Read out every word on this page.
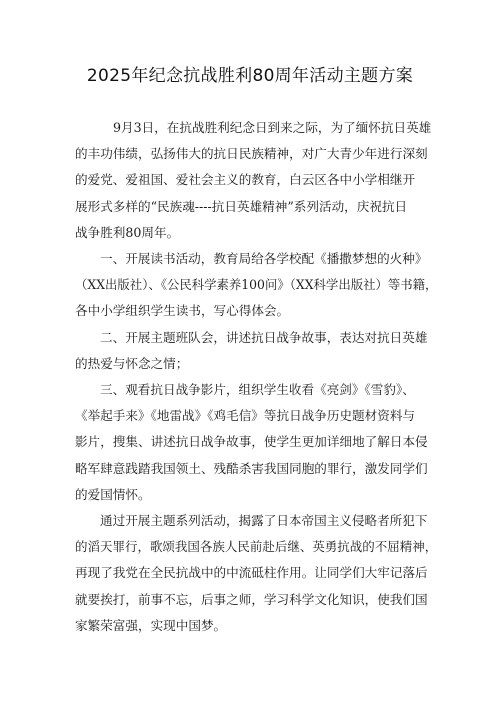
2025年纪念抗战胜利80周年活动主题方案
9月3日，在抗战胜利纪念日到来之际，为了缅怀抗日英雄
的丰功伟绩，弘扬伟大的抗日民族精神，对广大青少年进行深刻
的爱党、爱祖国、爱社会主义的教育，白云区各中小学相继开
展形式多样的“民族魂----抗日英雄精神”系列活动，庆祝抗日
战争胜利80周年。
一、开展读书活动，教育局给各学校配《播撒梦想的火种》
（XX出版社）、《公民科学素养100问》（XX科学出版社）等书籍，
各中小学组织学生读书，写心得体会。
二、开展主题班队会，讲述抗日战争故事，表达对抗日英雄
的热爱与怀念之情；
三、观看抗日战争影片，组织学生收看《亮剑》《雪豹》、
《举起手来》《地雷战》《鸡毛信》等抗日战争历史题材资料与
影片，搜集、讲述抗日战争故事，使学生更加详细地了解日本侵
略军肆意践踏我国领土、残酷杀害我国同胞的罪行，激发同学们
的爱国情怀。
通过开展主题系列活动，揭露了日本帝国主义侵略者所犯下
的滔天罪行，歌颂我国各族人民前赴后继、英勇抗战的不屈精神，
再现了我党在全民抗战中的中流砥柱作用。让同学们大牢记落后
就要挨打，前事不忘，后事之师，学习科学文化知识，使我们国
家繁荣富强，实现中国梦。
